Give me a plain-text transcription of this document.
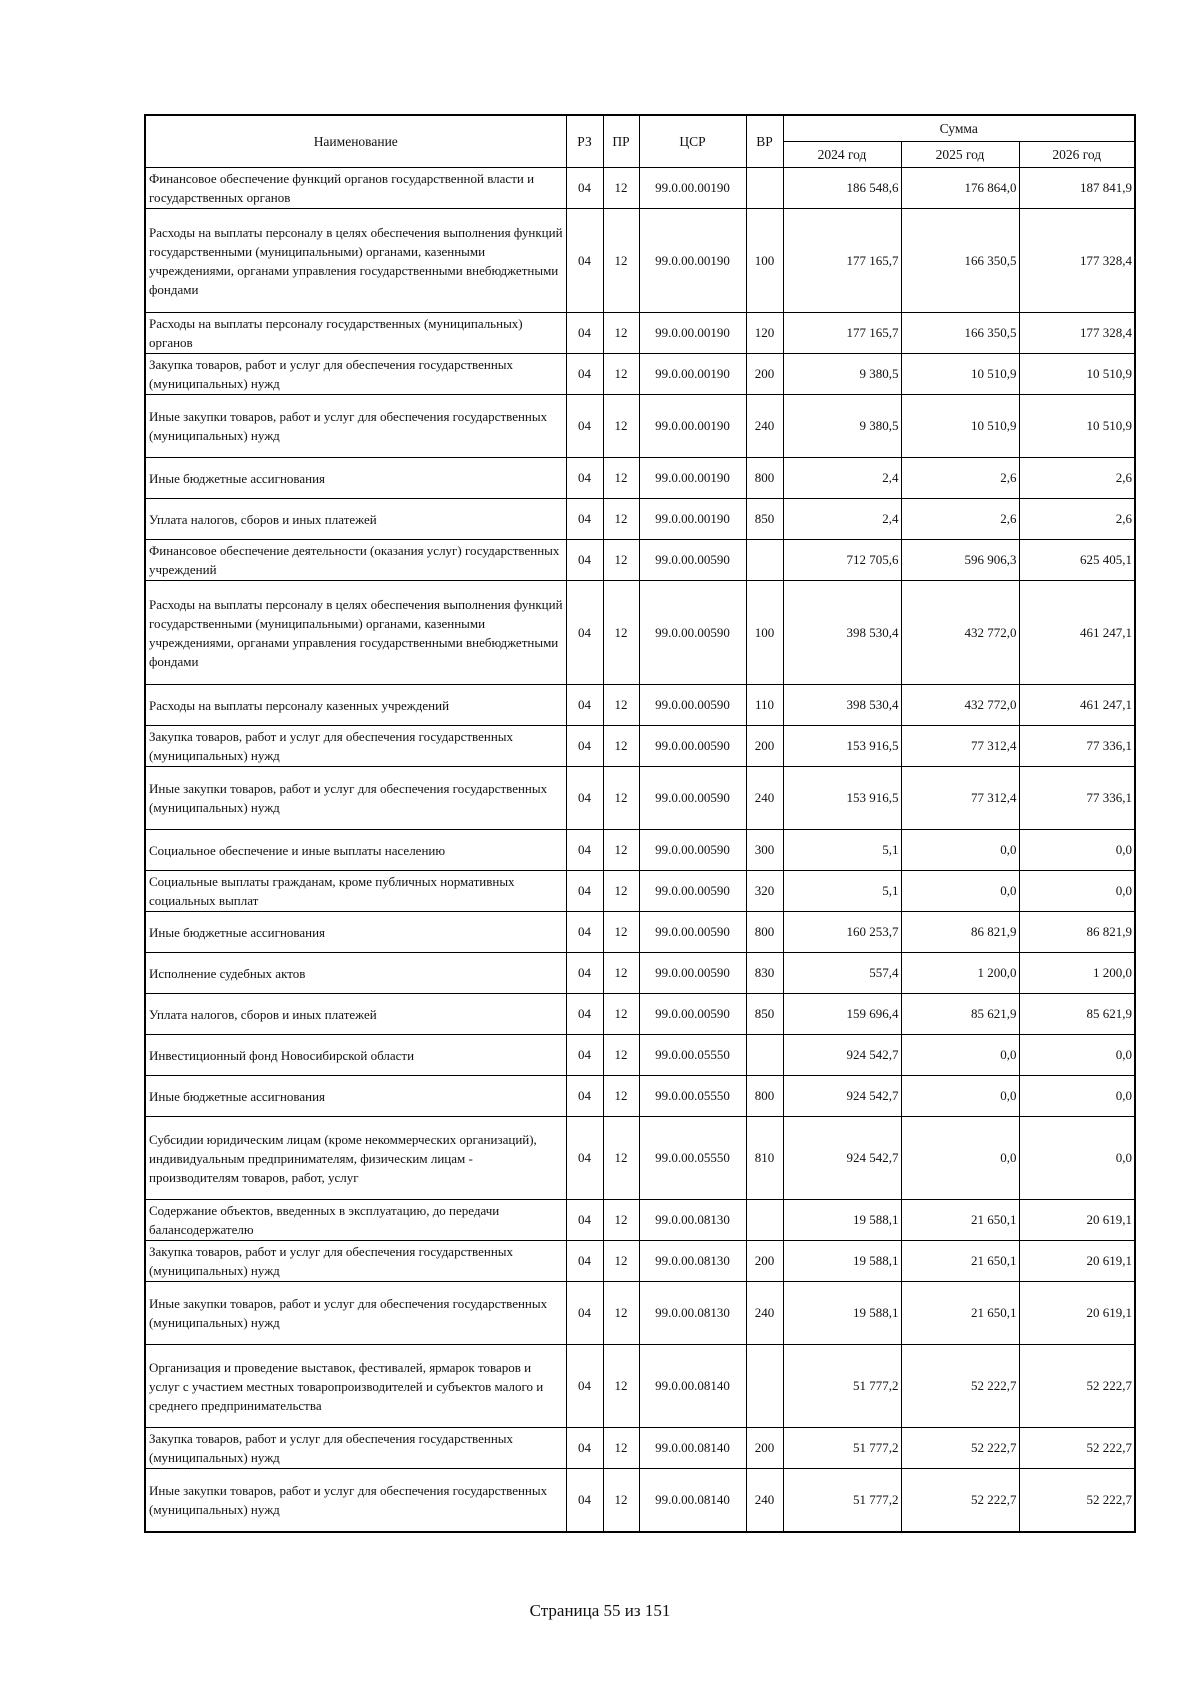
Наименование	РЗ	ПР	ЦСР	ВР	Сумма		
					2024 год	2025 год	2026 год
Финансовое обеспечение функций органов государственной власти и государственных органов	04	12	99.0.00.00190		186 548,6	176 864,0	187 841,9
Расходы на выплаты персоналу в целях обеспечения выполнения функций государственными (муниципальными) органами, казенными учреждениями, органами управления государственными внебюджетными фондами	04	12	99.0.00.00190	100	177 165,7	166 350,5	177 328,4
Расходы на выплаты персоналу государственных (муниципальных) органов	04	12	99.0.00.00190	120	177 165,7	166 350,5	177 328,4
Закупка товаров, работ и услуг для обеспечения государственных (муниципальных) нужд	04	12	99.0.00.00190	200	9 380,5	10 510,9	10 510,9
Иные закупки товаров, работ и услуг для обеспечения государственных (муниципальных) нужд	04	12	99.0.00.00190	240	9 380,5	10 510,9	10 510,9
Иные бюджетные ассигнования	04	12	99.0.00.00190	800	2,4	2,6	2,6
Уплата налогов, сборов и иных платежей	04	12	99.0.00.00190	850	2,4	2,6	2,6
Финансовое обеспечение деятельности (оказания услуг) государственных учреждений	04	12	99.0.00.00590		712 705,6	596 906,3	625 405,1
Расходы на выплаты персоналу в целях обеспечения выполнения функций государственными (муниципальными) органами, казенными учреждениями, органами управления государственными внебюджетными фондами	04	12	99.0.00.00590	100	398 530,4	432 772,0	461 247,1
Расходы на выплаты персоналу казенных учреждений	04	12	99.0.00.00590	110	398 530,4	432 772,0	461 247,1
Закупка товаров, работ и услуг для обеспечения государственных (муниципальных) нужд	04	12	99.0.00.00590	200	153 916,5	77 312,4	77 336,1
Иные закупки товаров, работ и услуг для обеспечения государственных (муниципальных) нужд	04	12	99.0.00.00590	240	153 916,5	77 312,4	77 336,1
Социальное обеспечение и иные выплаты населению	04	12	99.0.00.00590	300	5,1	0,0	0,0
Социальные выплаты гражданам, кроме публичных нормативных социальных выплат	04	12	99.0.00.00590	320	5,1	0,0	0,0
Иные бюджетные ассигнования	04	12	99.0.00.00590	800	160 253,7	86 821,9	86 821,9
Исполнение судебных актов	04	12	99.0.00.00590	830	557,4	1 200,0	1 200,0
Уплата налогов, сборов и иных платежей	04	12	99.0.00.00590	850	159 696,4	85 621,9	85 621,9
Инвестиционный фонд Новосибирской области	04	12	99.0.00.05550		924 542,7	0,0	0,0
Иные бюджетные ассигнования	04	12	99.0.00.05550	800	924 542,7	0,0	0,0
Субсидии юридическим лицам (кроме некоммерческих организаций), индивидуальным предпринимателям, физическим лицам - производителям товаров, работ, услуг	04	12	99.0.00.05550	810	924 542,7	0,0	0,0
Содержание объектов, введенных в эксплуатацию, до передачи балансодержателю	04	12	99.0.00.08130		19 588,1	21 650,1	20 619,1
Закупка товаров, работ и услуг для обеспечения государственных (муниципальных) нужд	04	12	99.0.00.08130	200	19 588,1	21 650,1	20 619,1
Иные закупки товаров, работ и услуг для обеспечения государственных (муниципальных) нужд	04	12	99.0.00.08130	240	19 588,1	21 650,1	20 619,1
Организация и проведение выставок, фестивалей, ярмарок товаров и услуг с участием местных товаропроизводителей и субъектов малого и среднего предпринимательства	04	12	99.0.00.08140		51 777,2	52 222,7	52 222,7
Закупка товаров, работ и услуг для обеспечения государственных (муниципальных) нужд	04	12	99.0.00.08140	200	51 777,2	52 222,7	52 222,7
Иные закупки товаров, работ и услуг для обеспечения государственных (муниципальных) нужд	04	12	99.0.00.08140	240	51 777,2	52 222,7	52 222,7
Страница 55 из 151
